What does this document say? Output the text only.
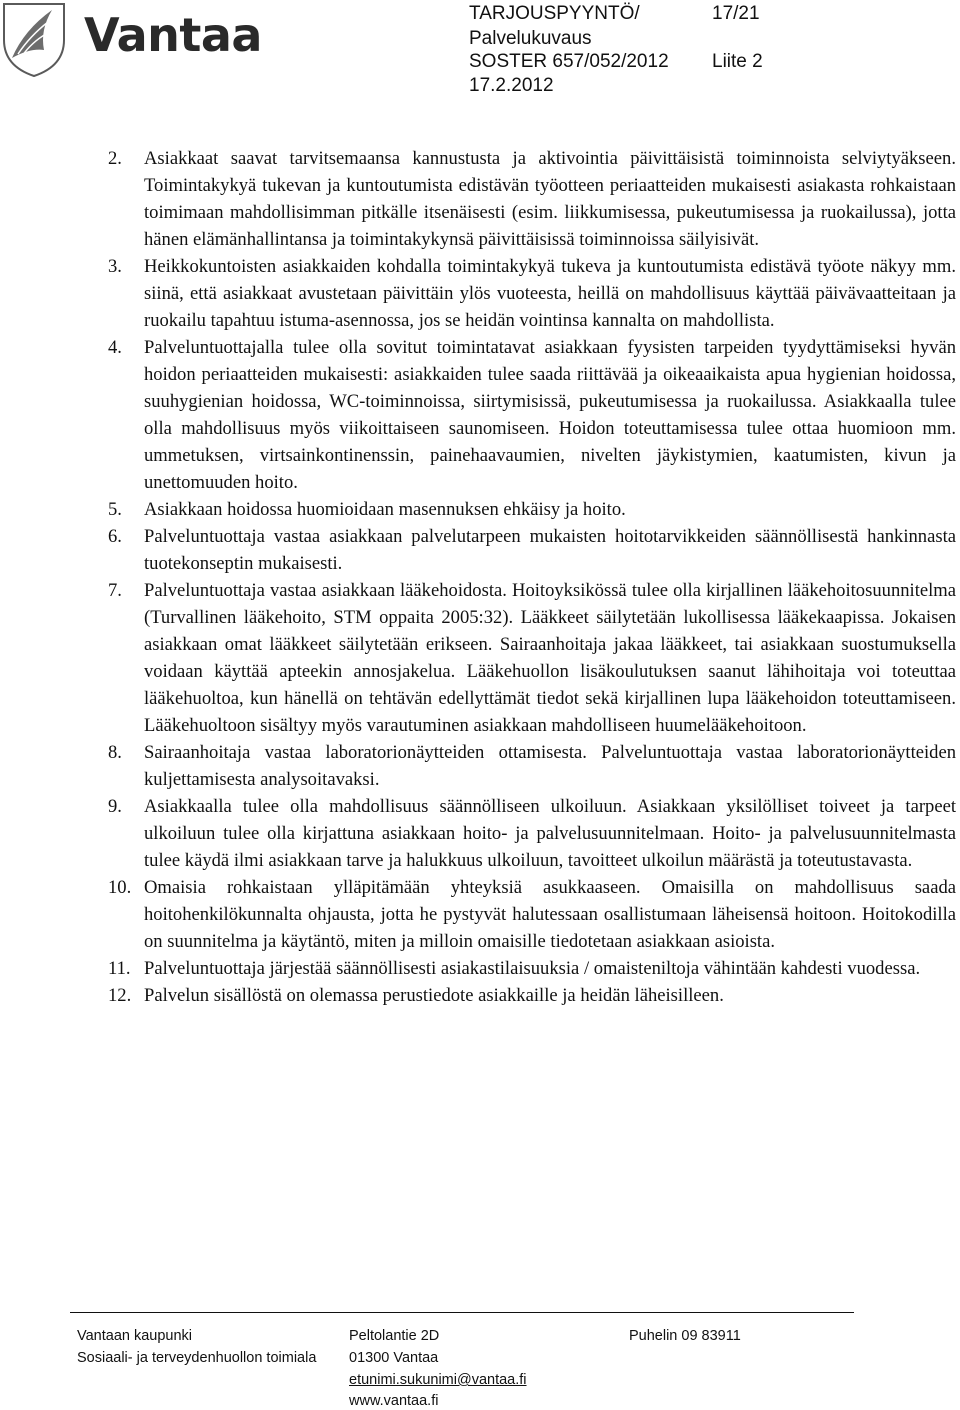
Vantaa	TARJOUSPYYNTÖ/
Palvelukuvaus
SOSTER 657/052/2012
17.2.2012
17/21
Liite 2
2. Asiakkaat saavat tarvitsemaansa kannustusta ja aktivointia päivittäisistä toiminnoista selviytyäkseen. Toimintakykyä tukevan ja kuntoutumista edistävän työotteen periaatteiden mukaisesti asiakasta rohkaistaan toimimaan mahdollisimman pitkälle itsenäisesti (esim. liikkumisessa, pukeutumisessa ja ruokailussa), jotta hänen elämänhallintansa ja toimintakykynsä päivittäisissä toiminnoissa säilyisivät.
3. Heikkokuntoisten asiakkaiden kohdalla toimintakykyä tukeva ja kuntoutumista edistävä työote näkyy mm. siinä, että asiakkaat avustetaan päivittäin ylös vuoteesta, heillä on mahdollisuus käyttää päivävaatteitaan ja ruokailu tapahtuu istuma-asennossa, jos se heidän vointinsa kannalta on mahdollista.
4. Palveluntuottajalla tulee olla sovitut toimintatavat asiakkaan fyysisten tarpeiden tyydyttämiseksi hyvän hoidon periaatteiden mukaisesti: asiakkaiden tulee saada riittävää ja oikeaaikaista apua hygienian hoidossa, suuhygienian hoidossa, WC-toiminnoissa, siirtymisissä, pukeutumisessa ja ruokailussa. Asiakkaalla tulee olla mahdollisuus myös viikoittaiseen saunomiseen. Hoidon toteuttamisessa tulee ottaa huomioon mm. ummetuksen, virtsainkontinenssin, painehaavaumien, nivelten jäykistymien, kaatumisten, kivun ja unettomuuden hoito.
5. Asiakkaan hoidossa huomioidaan masennuksen ehkäisy ja hoito.
6. Palveluntuottaja vastaa asiakkaan palvelutarpeen mukaisten hoitotarvikkeiden säännöllisestä hankinnasta tuotekonseptin mukaisesti.
7. Palveluntuottaja vastaa asiakkaan lääkehoidosta. Hoitoyksikössä tulee olla kirjallinen lääkehoitosuunnitelma (Turvallinen lääkehoito, STM oppaita 2005:32). Lääkkeet säilytetään lukollisessa lääkekaapissa. Jokaisen asiakkaan omat lääkkeet säilytetään erikseen. Sairaanhoitaja jakaa lääkkeet, tai asiakkaan suostumuksella voidaan käyttää apteekin annosjakelua. Lääkehuollon lisäkoulutuksen saanut lähihoitaja voi toteuttaa lääkehuoltoa, kun hänellä on tehtävän edellyttämät tiedot sekä kirjallinen lupa lääkehoidon toteuttamiseen. Lääkehuoltoon sisältyy myös varautuminen asiakkaan mahdolliseen huumelääkehoitoon.
8. Sairaanhoitaja vastaa laboratorionäytteiden ottamisesta. Palveluntuottaja vastaa laboratorionäytteiden kuljettamisesta analysoitavaksi.
9. Asiakkaalla tulee olla mahdollisuus säännölliseen ulkoiluun. Asiakkaan yksilölliset toiveet ja tarpeet ulkoiluun tulee olla kirjattuna asiakkaan hoito- ja palvelusuunnitelmaan. Hoito- ja palvelusuunnitelmasta tulee käydä ilmi asiakkaan tarve ja halukkuus ulkoiluun, tavoitteet ulkoilun määrästä ja toteutustavasta.
10. Omaisia rohkaistaan ylläpitämään yhteyksiä asukkaaseen. Omaisilla on mahdollisuus saada hoitohenkilökunnalta ohjausta, jotta he pystyvät halutessaan osallistumaan läheisensä hoitoon. Hoitokodilla on suunnitelma ja käytäntö, miten ja milloin omaisille tiedotetaan asiakkaan asioista.
11. Palveluntuottaja järjestää säännöllisesti asiakastilaisuuksia / omaisteniltoja vähintään kahdesti vuodessa.
12. Palvelun sisällöstä on olemassa perustiedote asiakkaille ja heidän läheisilleen.
Vantaan kaupunki
Sosiaali- ja terveydenhuollon toimiala
Peltolantie 2D
01300 Vantaa
etunimi.sukunimi@vantaa.fi
www.vantaa.fi
Puhelin 09 83911
